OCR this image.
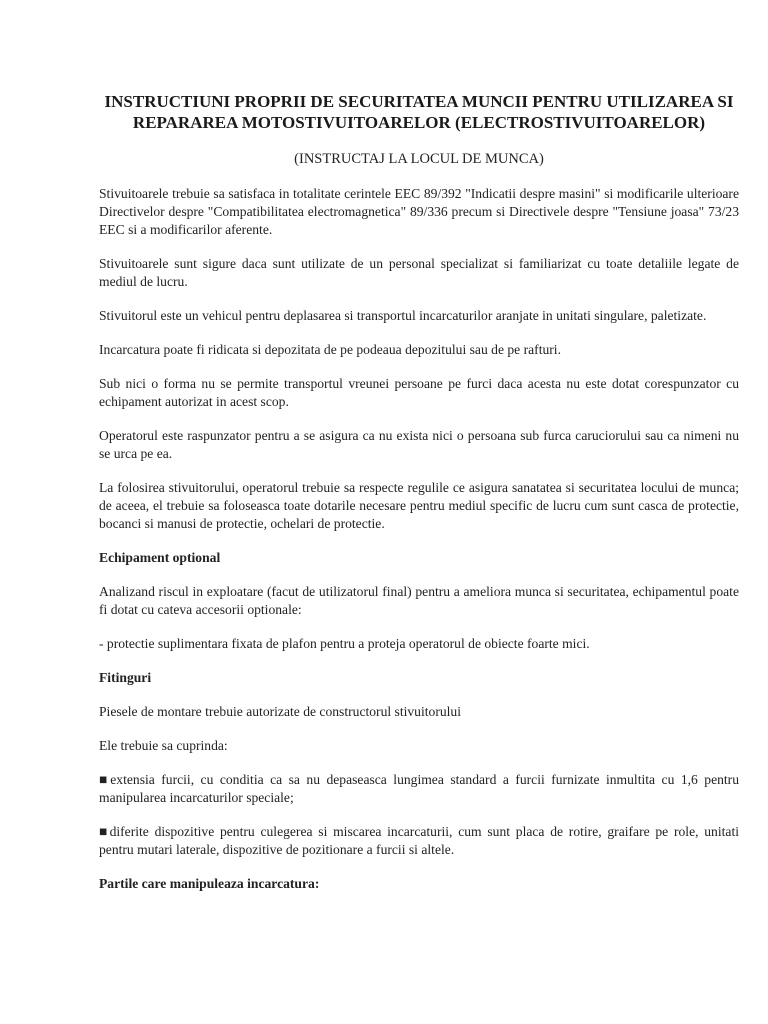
INSTRUCTIUNI PROPRII DE SECURITATEA MUNCII PENTRU UTILIZAREA SI REPARAREA MOTOSTIVUITOARELOR (ELECTROSTIVUITOARELOR)

(INSTRUCTAJ LA LOCUL DE MUNCA)

Stivuitoarele trebuie sa satisfaca in totalitate cerintele EEC 89/392 "Indicatii despre masini" si modificarile ulterioare Directivelor despre "Compatibilitatea electromagnetica" 89/336 precum si Directivele despre "Tensiune joasa" 73/23 EEC si a modificarilor aferente.

Stivuitoarele sunt sigure daca sunt utilizate de un personal specializat si familiarizat cu toate detaliile legate de mediul de lucru.

Stivuitorul este un vehicul pentru deplasarea si transportul incarcaturilor aranjate in unitati singulare, paletizate.

Incarcatura poate fi ridicata si depozitata de pe podeaua depozitului sau de pe rafturi.

Sub nici o forma nu se permite transportul vreunei persoane pe furci daca acesta nu este dotat corespunzator cu echipament autorizat in acest scop.

Operatorul este raspunzator pentru a se asigura ca nu exista nici o persoana sub furca caruciorului sau ca nimeni nu se urca pe ea.

La folosirea stivuitorului, operatorul trebuie sa respecte regulile ce asigura sanatatea si securitatea locului de munca; de aceea, el trebuie sa foloseasca toate dotarile necesare pentru mediul specific de lucru cum sunt casca de protectie, bocanci si manusi de protectie, ochelari de protectie.

Echipament optional

Analizand riscul in exploatare (facut de utilizatorul final) pentru a ameliora munca si securitatea, echipamentul poate fi dotat cu cateva accesorii optionale:

- protectie suplimentara fixata de plafon pentru a proteja operatorul de obiecte foarte mici.

Fitinguri

Piesele de montare trebuie autorizate de constructorul stivuitorului

Ele trebuie sa cuprinda:

■extensia furcii, cu conditia ca sa nu depaseasca lungimea standard a furcii furnizate inmultita cu 1,6 pentru manipularea incarcaturilor speciale;

■diferite dispozitive pentru culegerea si miscarea incarcaturii, cum sunt placa de rotire, graifare pe role, unitati pentru mutari laterale, dispozitive de pozitionare a furcii si altele.

Partile care manipuleaza incarcatura:
